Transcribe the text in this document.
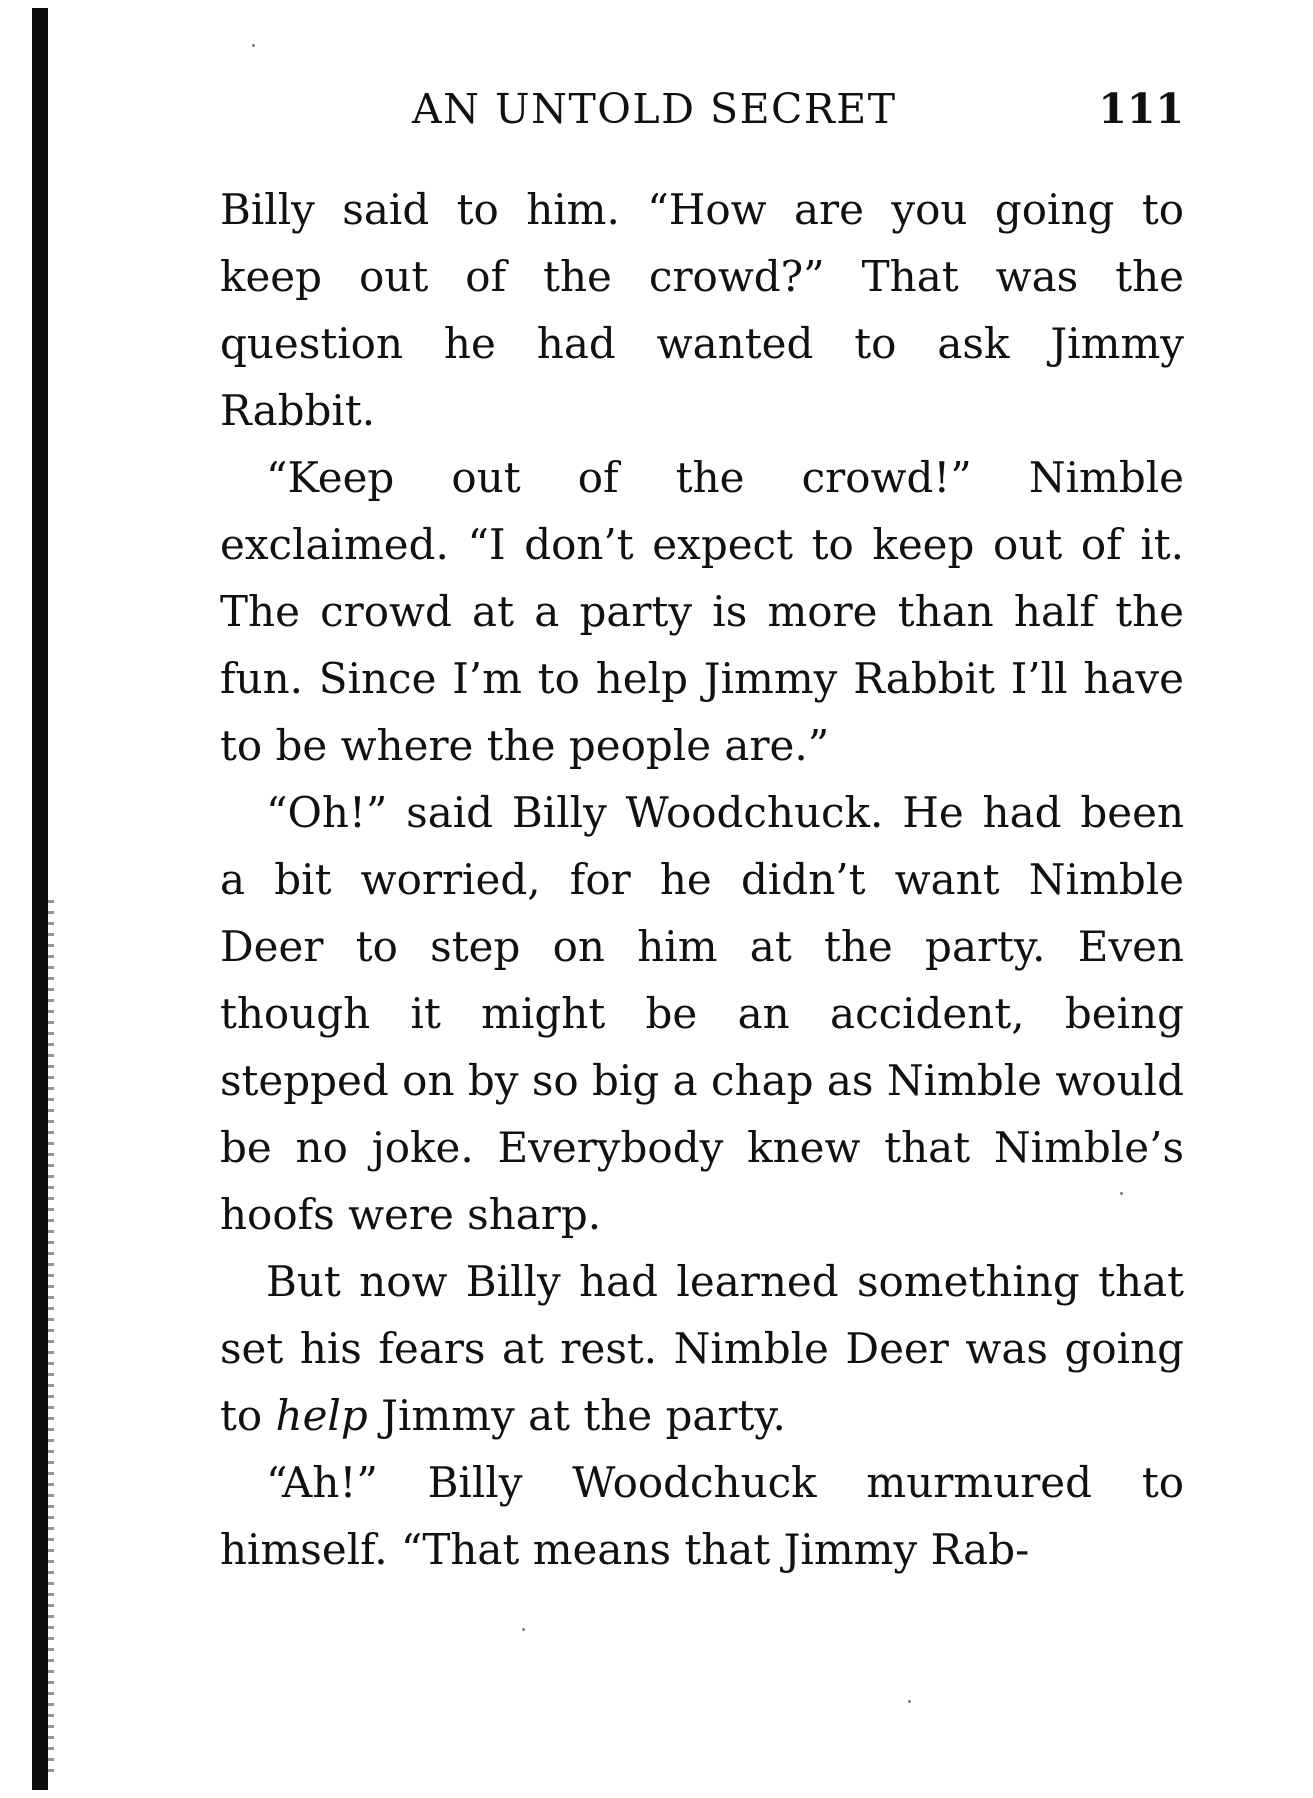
AN UNTOLD SECRET	111

Billy said to him. “How are you going to keep out of the crowd?” That was the question he had wanted to ask Jimmy Rabbit.

“Keep out of the crowd!” Nimble exclaimed. “I don’t expect to keep out of it. The crowd at a party is more than half the fun. Since I’m to help Jimmy Rabbit I’ll have to be where the people are.”

“Oh!” said Billy Woodchuck. He had been a bit worried, for he didn’t want Nimble Deer to step on him at the party. Even though it might be an accident, being stepped on by so big a chap as Nimble would be no joke. Everybody knew that Nimble’s hoofs were sharp.

But now Billy had learned something that set his fears at rest. Nimble Deer was going to help Jimmy at the party.

“Ah!” Billy Woodchuck murmured to himself. “That means that Jimmy Rab-
